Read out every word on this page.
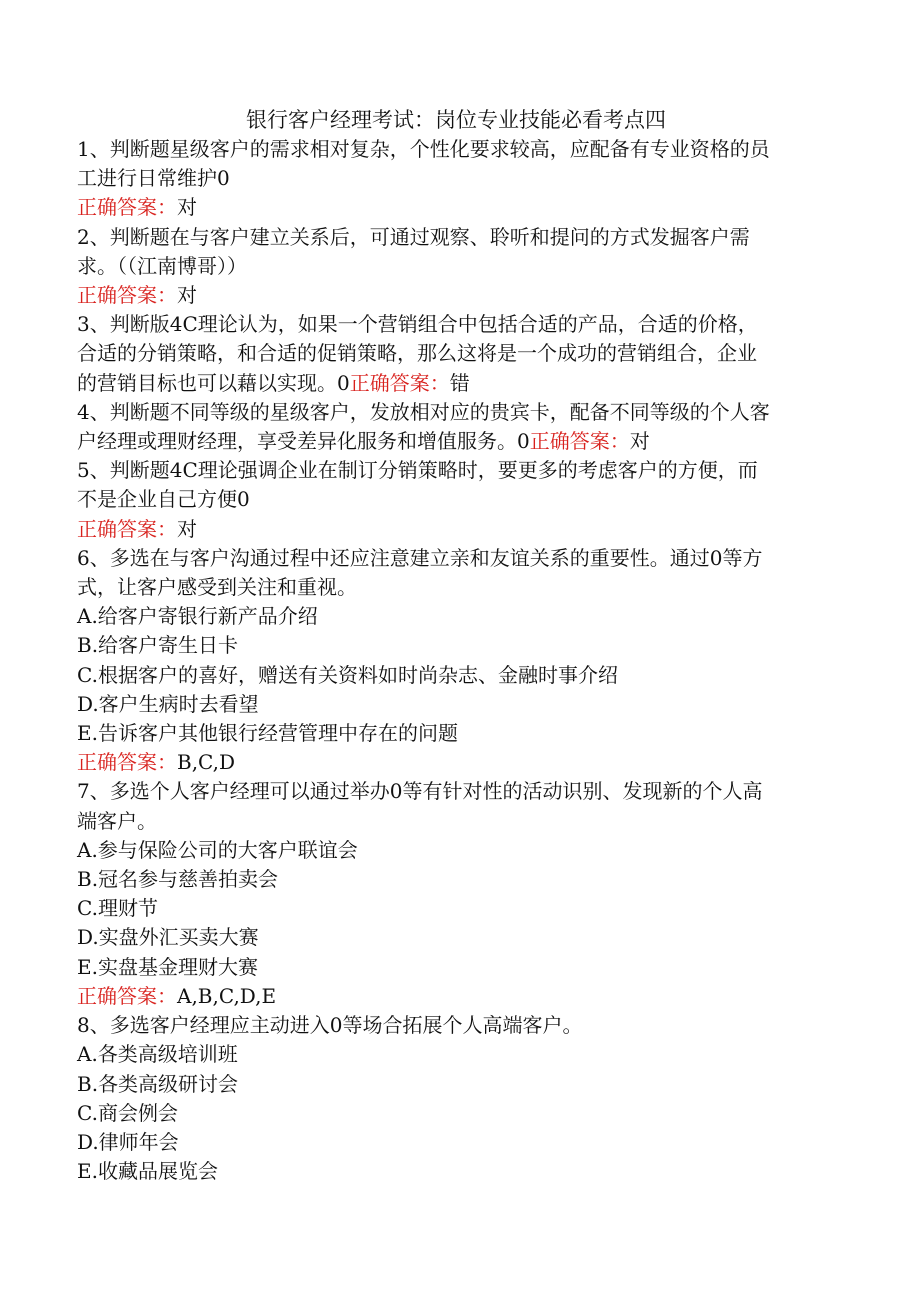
银行客户经理考试：岗位专业技能必看考点四
1、判断题星级客户的需求相对复杂，个性化要求较高，应配备有专业资格的员
工进行日常维护0
正确答案：对
2、判断题在与客户建立关系后，可通过观察、聆听和提问的方式发掘客户需
求。（（江南博哥））
正确答案：对
3、判断版4C理论认为，如果一个营销组合中包括合适的产品，合适的价格，
合适的分销策略，和合适的促销策略，那么这将是一个成功的营销组合，企业
的营销目标也可以藉以实现。0正确答案：错
4、判断题不同等级的星级客户，发放相对应的贵宾卡，配备不同等级的个人客
户经理或理财经理，享受差异化服务和增值服务。0正确答案：对
5、判断题4C理论强调企业在制订分销策略时，要更多的考虑客户的方便，而
不是企业自己方便0
正确答案：对
6、多选在与客户沟通过程中还应注意建立亲和友谊关系的重要性。通过0等方
式，让客户感受到关注和重视。
A.给客户寄银行新产品介绍
B.给客户寄生日卡
C.根据客户的喜好，赠送有关资料如时尚杂志、金融时事介绍
D.客户生病时去看望
E.告诉客户其他银行经营管理中存在的问题
正确答案：B,C,D
7、多选个人客户经理可以通过举办0等有针对性的活动识别、发现新的个人高
端客户。
A.参与保险公司的大客户联谊会
B.冠名参与慈善拍卖会
C.理财节
D.实盘外汇买卖大赛
E.实盘基金理财大赛
正确答案：A,B,C,D,E
8、多选客户经理应主动进入0等场合拓展个人高端客户。
A.各类高级培训班
B.各类高级研讨会
C.商会例会
D.律师年会
E.收藏品展览会
